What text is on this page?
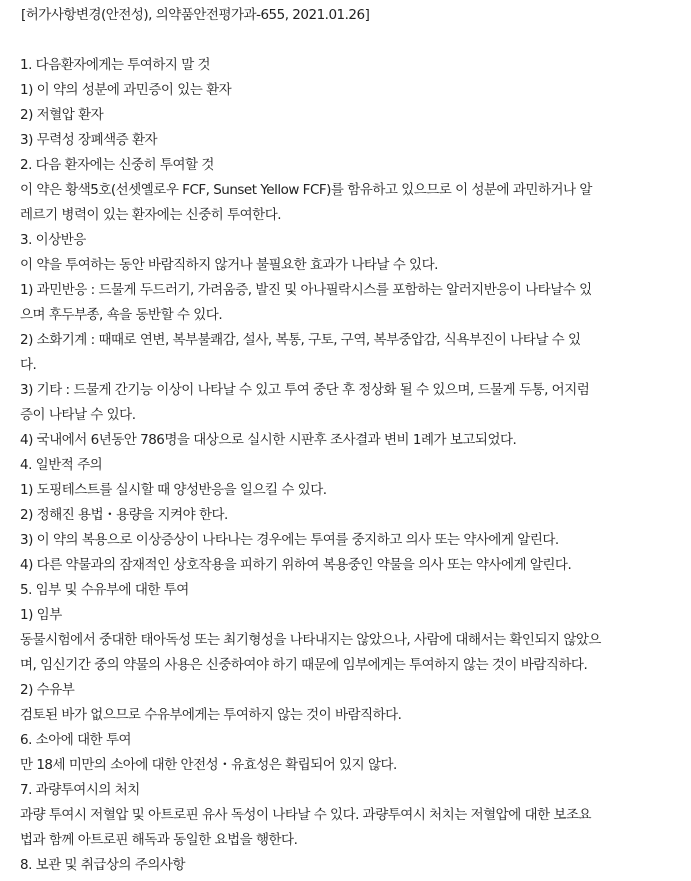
[허가사항변경(안전성), 의약품안전평가과-655, 2021.01.26]
1. 다음환자에게는 투여하지 말 것
1) 이 약의 성분에 과민증이 있는 환자
2) 저혈압 환자
3) 무력성 장폐색증 환자
2. 다음 환자에는 신중히 투여할 것
이 약은 황색5호(선셋옐로우 FCF, Sunset Yellow FCF)를 함유하고 있으므로 이 성분에 과민하거나 알
레르기 병력이 있는 환자에는 신중히 투여한다.
3. 이상반응
이 약을 투여하는 동안 바람직하지 않거나 불필요한 효과가 나타날 수 있다.
1) 과민반응 : 드물게 두드러기, 가려움증, 발진 및 아나필락시스를 포함하는 알러지반응이 나타날수 있
으며 후두부종, 쇽을 동반할 수 있다.
2) 소화기계 : 때때로 연변, 복부불쾌감, 설사, 복통, 구토, 구역, 복부중압감, 식욕부진이 나타날 수 있
다.
3) 기타 : 드물게 간기능 이상이 나타날 수 있고 투여 중단 후 정상화 될 수 있으며, 드물게 두통, 어지럼
증이 나타날 수 있다.
4) 국내에서 6년동안 786명을 대상으로 실시한 시판후 조사결과 변비 1례가 보고되었다.
4. 일반적 주의
1) 도핑테스트를 실시할 때 양성반응을 일으킬 수 있다.
2) 정해진 용법・용량을 지켜야 한다.
3) 이 약의 복용으로 이상증상이 나타나는 경우에는 투여를 중지하고 의사 또는 약사에게 알린다.
4) 다른 약물과의 잠재적인 상호작용을 피하기 위하여 복용중인 약물을 의사 또는 약사에게 알린다.
5. 임부 및 수유부에 대한 투여
1) 임부
동물시험에서 중대한 태아독성 또는 최기형성을 나타내지는 않았으나, 사람에 대해서는 확인되지 않았으
며, 임신기간 중의 약물의 사용은 신중하여야 하기 때문에 임부에게는 투여하지 않는 것이 바람직하다.
2) 수유부
검토된 바가 없으므로 수유부에게는 투여하지 않는 것이 바람직하다.
6. 소아에 대한 투여
만 18세 미만의 소아에 대한 안전성・유효성은 확립되어 있지 않다.
7. 과량투여시의 처치
과량 투여시 저혈압 및 아트로핀 유사 독성이 나타날 수 있다. 과량투여시 처치는 저혈압에 대한 보조요
법과 함께 아트로핀 해독과 동일한 요법을 행한다.
8. 보관 및 취급상의 주의사항
